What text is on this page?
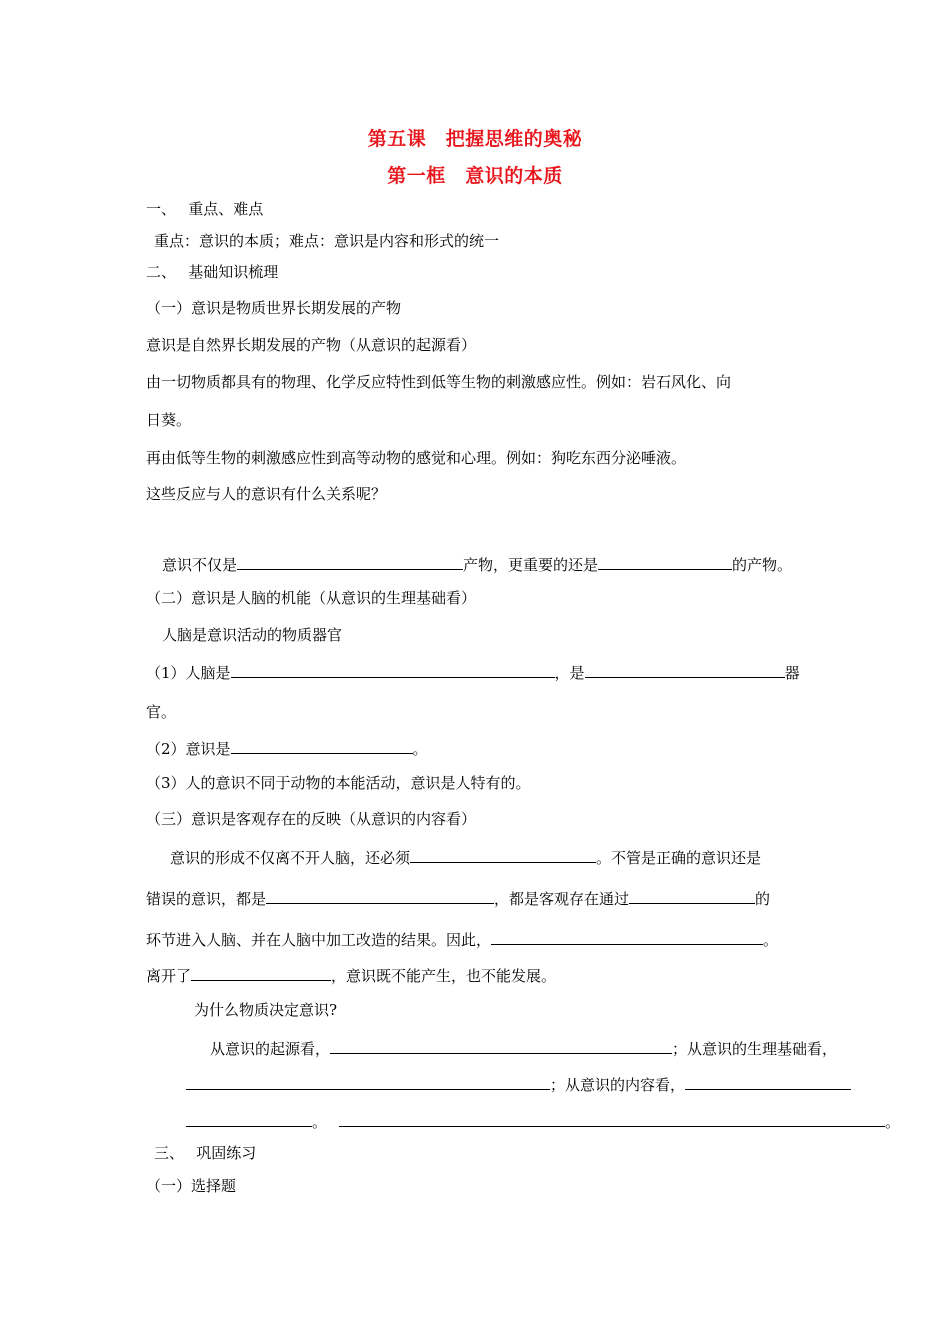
第五课　把握思维的奥秘
第一框　意识的本质
一、　 重点、难点
重点：意识的本质；难点：意识是内容和形式的统一
二、　 基础知识梳理
（一）意识是物质世界长期发展的产物
意识是自然界长期发展的产物（从意识的起源看）
由一切物质都具有的物理、化学反应特性到低等生物的刺激感应性。例如：岩石风化、向
日葵。
再由低等生物的刺激感应性到高等动物的感觉和心理。例如：狗吃东西分泌唾液。
这些反应与人的意识有什么关系呢？
意识不仅是	产物，更重要的还是	的产物。
（二）意识是人脑的机能（从意识的生理基础看）
人脑是意识活动的物质器官
（1）人脑是	，是	器
官。
（2）意识是	。
（3）人的意识不同于动物的本能活动，意识是人特有的。
（三）意识是客观存在的反映（从意识的内容看）
意识的形成不仅离不开人脑，还必须	。不管是正确的意识还是
错误的意识，都是	，都是客观存在通过	的
环节进入人脑、并在人脑中加工改造的结果。因此，	。
离开了	，意识既不能产生，也不能发展。
为什么物质决定意识?
从意识的起源看，	；从意识的生理基础看，
；从意识的内容看，
。	。
三、　 巩固练习
（一）选择题
